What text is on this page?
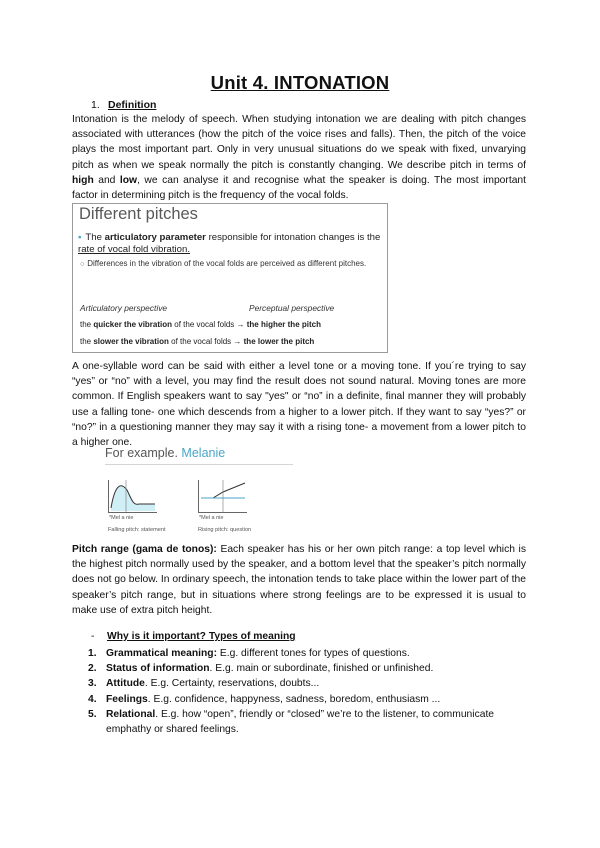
Unit 4. INTONATION
1. Definition

Intonation is the melody of speech. When studying intonation we are dealing with pitch changes associated with utterances (how the pitch of the voice rises and falls). Then, the pitch of the voice plays the most important part. Only in very unusual situations do we speak with fixed, unvarying pitch as when we speak normally the pitch is constantly changing. We describe pitch in terms of high and low, we can analyse it and recognise what the speaker is doing. The most important factor in determining pitch is the frequency of the vocal folds.

Different pitches
▪ The articulatory parameter responsible for intonation changes is the rate of vocal fold vibration.
○ Differences in the vibration of the vocal folds are perceived as different pitches.
Articulatory perspective	Perceptual perspective
the quicker the vibration of the vocal folds → the higher the pitch
the slower the vibration of the vocal folds → the lower the pitch

A one-syllable word can be said with either a level tone or a moving tone. If you´re trying to say “yes” or “no” with a level, you may find the result does not sound natural. Moving tones are more common. If English speakers want to say "yes" or “no” in a definite, final manner they will probably use a falling tone- one which descends from a higher to a lower pitch. If they want to say “yes?” or “no?” in a questioning manner they may say it with a rising tone- a movement from a lower pitch to a higher one.

For example. Melanie
*Mel a nie
Falling pitch: statement
*Mel a nie
Rising pitch: question

Pitch range (gama de tonos): Each speaker has his or her own pitch range: a top level which is the highest pitch normally used by the speaker, and a bottom level that the speaker’s pitch normally does not go below. In ordinary speech, the intonation tends to take place within the lower part of the speaker’s pitch range, but in situations where strong feelings are to be expressed it is usual to make use of extra pitch height.

- Why is it important? Types of meaning
1. Grammatical meaning: E.g. different tones for types of questions.
2. Status of information. E.g. main or subordinate, finished or unfinished.
3. Attitude. E.g. Certainty, reservations, doubts...
4. Feelings. E.g. confidence, happyness, sadness, boredom, enthusiasm ...
5. Relational. E.g. how “open”, friendly or “closed” we’re to the listener, to communicate emphathy or shared feelings.
